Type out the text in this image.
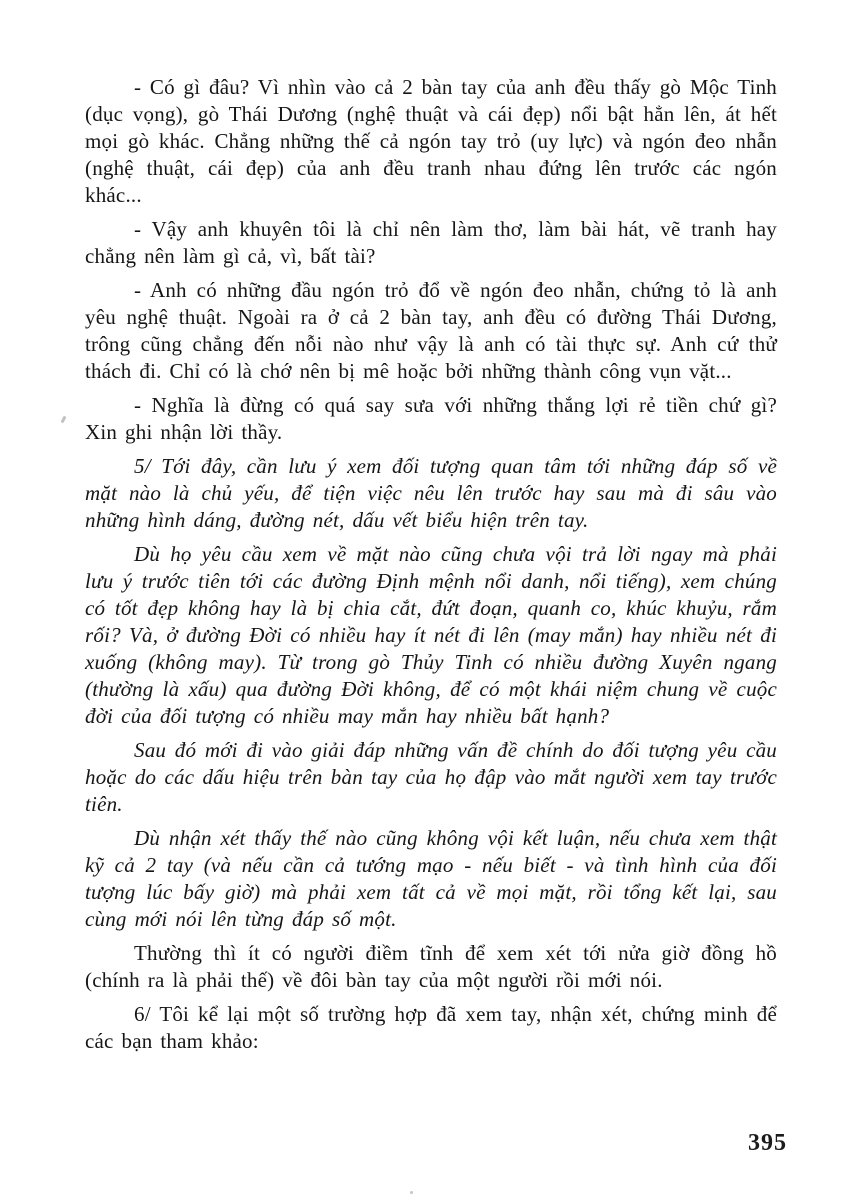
- Có gì đâu? Vì nhìn vào cả 2 bàn tay của anh đều thấy gò Mộc Tinh (dục vọng), gò Thái Dương (nghệ thuật và cái đẹp) nổi bật hẳn lên, át hết mọi gò khác. Chẳng những thế cả ngón tay trỏ (uy lực) và ngón đeo nhẫn (nghệ thuật, cái đẹp) của anh đều tranh nhau đứng lên trước các ngón khác...

- Vậy anh khuyên tôi là chỉ nên làm thơ, làm bài hát, vẽ tranh hay chẳng nên làm gì cả, vì, bất tài?

- Anh có những đầu ngón trỏ đổ về ngón đeo nhẫn, chứng tỏ là anh yêu nghệ thuật. Ngoài ra ở cả 2 bàn tay, anh đều có đường Thái Dương, trông cũng chẳng đến nỗi nào như vậy là anh có tài thực sự. Anh cứ thử thách đi. Chỉ có là chớ nên bị mê hoặc bởi những thành công vụn vặt...

- Nghĩa là đừng có quá say sưa với những thắng lợi rẻ tiền chứ gì? Xin ghi nhận lời thầy.

5/ Tới đây, cần lưu ý xem đối tượng quan tâm tới những đáp số về mặt nào là chủ yếu, để tiện việc nêu lên trước hay sau mà đi sâu vào những hình dáng, đường nét, dấu vết biểu hiện trên tay.

Dù họ yêu cầu xem về mặt nào cũng chưa vội trả lời ngay mà phải lưu ý trước tiên tới các đường Định mệnh nổi danh, nổi tiếng), xem chúng có tốt đẹp không hay là bị chia cắt, đứt đoạn, quanh co, khúc khuỷu, rắm rối? Và, ở đường Đời có nhiều hay ít nét đi lên (may mắn) hay nhiều nét đi xuống (không may). Từ trong gò Thủy Tinh có nhiều đường Xuyên ngang (thường là xấu) qua đường Đời không, để có một khái niệm chung về cuộc đời của đối tượng có nhiều may mắn hay nhiều bất hạnh?

Sau đó mới đi vào giải đáp những vấn đề chính do đối tượng yêu cầu hoặc do các dấu hiệu trên bàn tay của họ đập vào mắt người xem tay trước tiên.

Dù nhận xét thấy thế nào cũng không vội kết luận, nếu chưa xem thật kỹ cả 2 tay (và nếu cần cả tướng mạo - nếu biết - và tình hình của đối tượng lúc bấy giờ) mà phải xem tất cả về mọi mặt, rồi tổng kết lại, sau cùng mới nói lên từng đáp số một.

Thường thì ít có người điềm tĩnh để xem xét tới nửa giờ đồng hồ (chính ra là phải thế) về đôi bàn tay của một người rồi mới nói.

6/ Tôi kể lại một số trường hợp đã xem tay, nhận xét, chứng minh để các bạn tham khảo:

395
